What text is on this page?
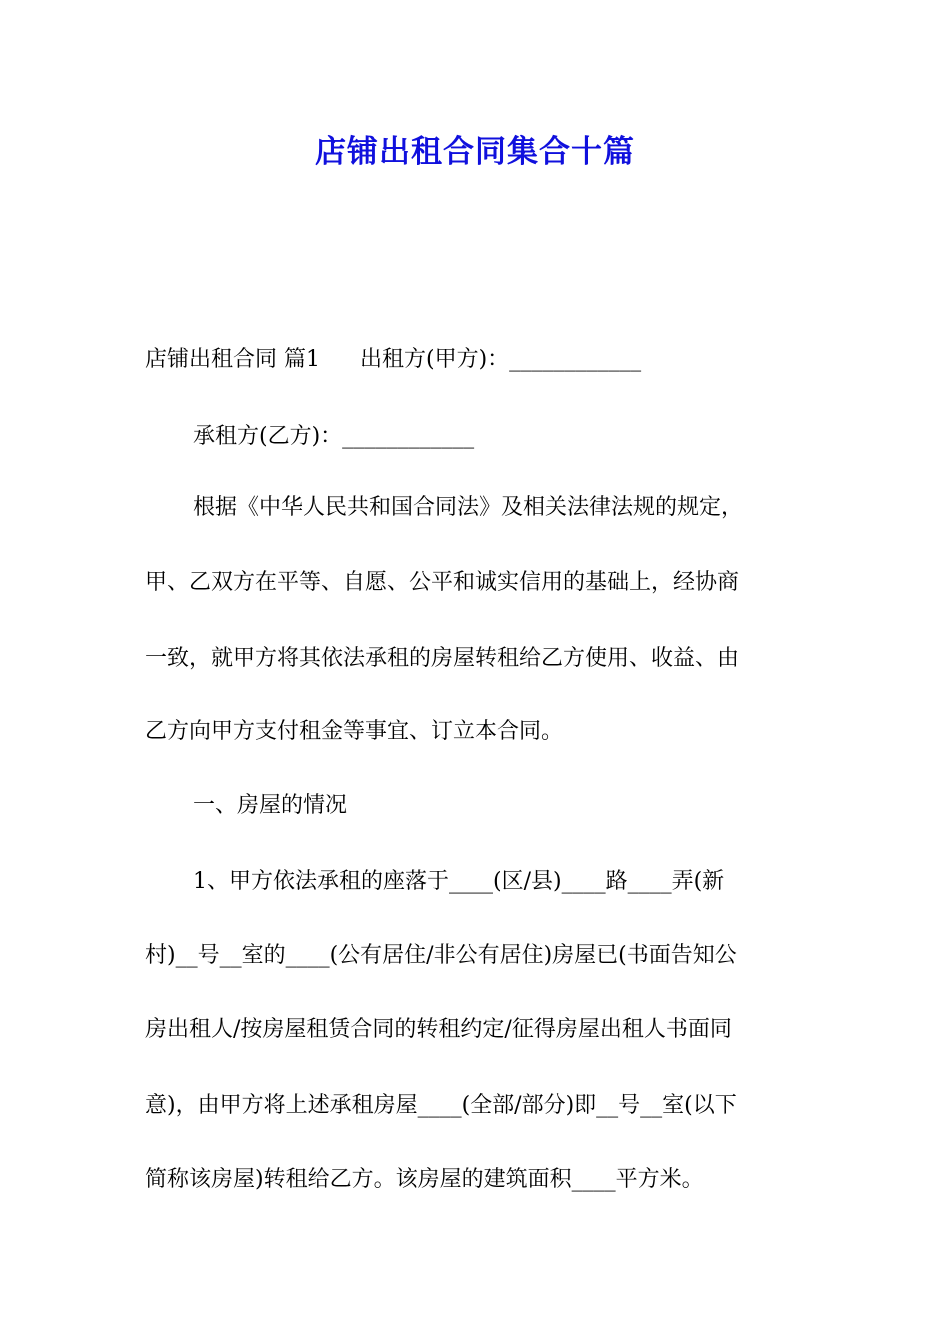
店铺出租合同集合十篇
店铺出租合同 篇1 出租方(甲方)：____________
承租方(乙方)：____________
根据《中华人民共和国合同法》及相关法律法规的规定，
甲、乙双方在平等、自愿、公平和诚实信用的基础上，经协商
一致，就甲方将其依法承租的房屋转租给乙方使用、收益、由
乙方向甲方支付租金等事宜、订立本合同。
一、房屋的情况
1、甲方依法承租的座落于____(区/县)____路____弄(新
村)__号__室的____(公有居住/非公有居住)房屋已(书面告知公
房出租人/按房屋租赁合同的转租约定/征得房屋出租人书面同
意)，由甲方将上述承租房屋____(全部/部分)即__号__室(以下
简称该房屋)转租给乙方。该房屋的建筑面积____平方米。
